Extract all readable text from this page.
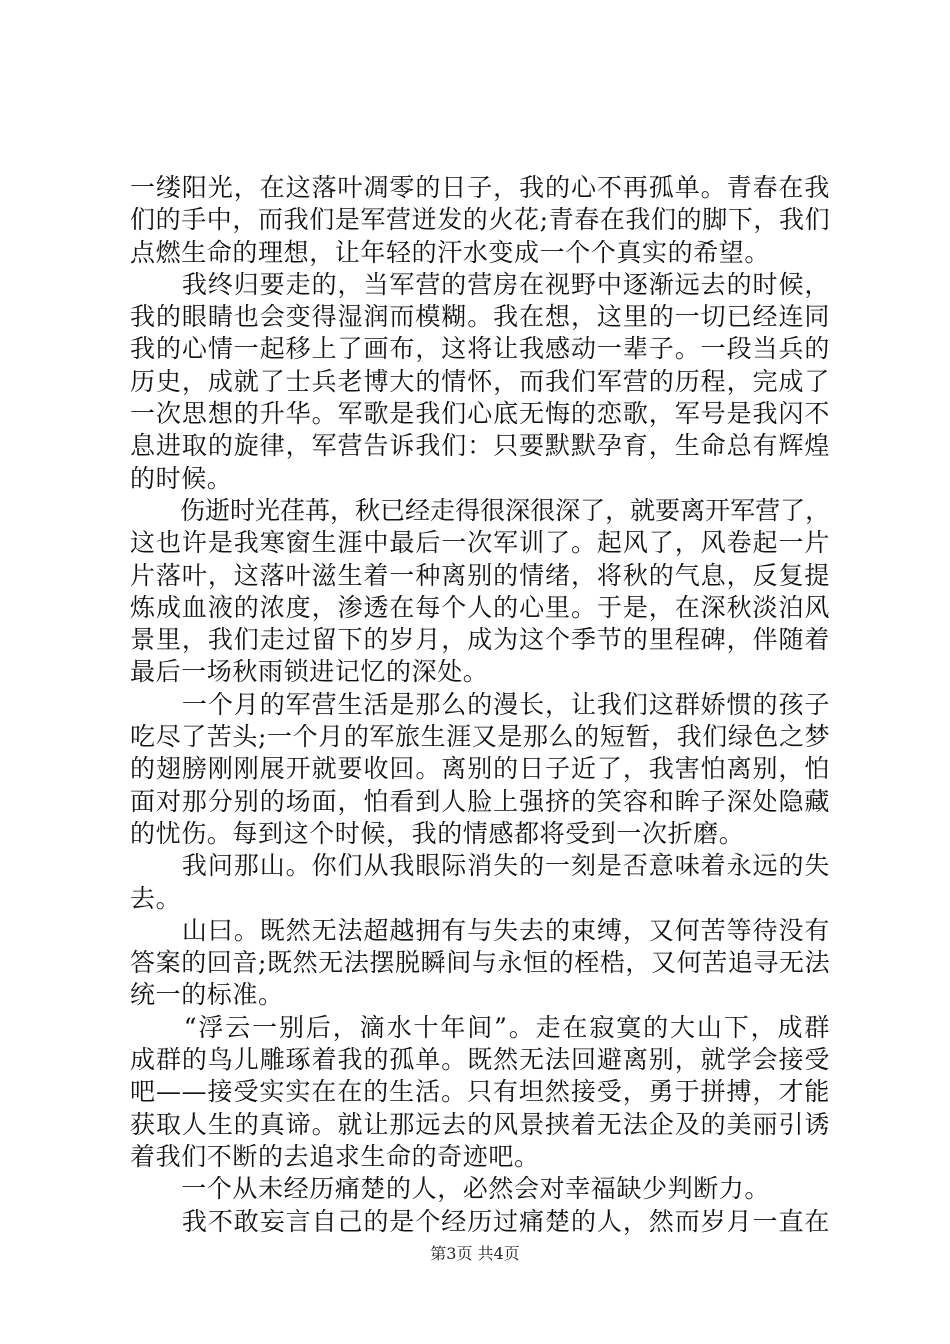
一缕阳光，在这落叶凋零的日子，我的心不再孤单。青春在我
们的手中，而我们是军营迸发的火花;青春在我们的脚下，我们
点燃生命的理想，让年轻的汗水变成一个个真实的希望。
　　我终归要走的，当军营的营房在视野中逐渐远去的时候，
我的眼睛也会变得湿润而模糊。我在想，这里的一切已经连同
我的心情一起移上了画布，这将让我感动一辈子。一段当兵的
历史，成就了士兵老博大的情怀，而我们军营的历程，完成了
一次思想的升华。军歌是我们心底无悔的恋歌，军号是我闪不
息进取的旋律，军营告诉我们：只要默默孕育，生命总有辉煌
的时候。
　　伤逝时光荏苒，秋已经走得很深很深了，就要离开军营了，
这也许是我寒窗生涯中最后一次军训了。起风了，风卷起一片
片落叶，这落叶滋生着一种离别的情绪，将秋的气息，反复提
炼成血液的浓度，渗透在每个人的心里。于是，在深秋淡泊风
景里，我们走过留下的岁月，成为这个季节的里程碑，伴随着
最后一场秋雨锁进记忆的深处。
　　一个月的军营生活是那么的漫长，让我们这群娇惯的孩子
吃尽了苦头;一个月的军旅生涯又是那么的短暂，我们绿色之梦
的翅膀刚刚展开就要收回。离别的日子近了，我害怕离别，怕
面对那分别的场面，怕看到人脸上强挤的笑容和眸子深处隐藏
的忧伤。每到这个时候，我的情感都将受到一次折磨。
　　我问那山。你们从我眼际消失的一刻是否意味着永远的失
去。
　　山曰。既然无法超越拥有与失去的束缚，又何苦等待没有
答案的回音;既然无法摆脱瞬间与永恒的桎梏，又何苦追寻无法
统一的标准。
　　“浮云一别后，滴水十年间”。走在寂寞的大山下，成群
成群的鸟儿雕琢着我的孤单。既然无法回避离别，就学会接受
吧——接受实实在在的生活。只有坦然接受，勇于拼搏，才能
获取人生的真谛。就让那远去的风景挟着无法企及的美丽引诱
着我们不断的去追求生命的奇迹吧。
　　一个从未经历痛楚的人，必然会对幸福缺少判断力。
　　我不敢妄言自己的是个经历过痛楚的人，然而岁月一直在
第3页 共4页
